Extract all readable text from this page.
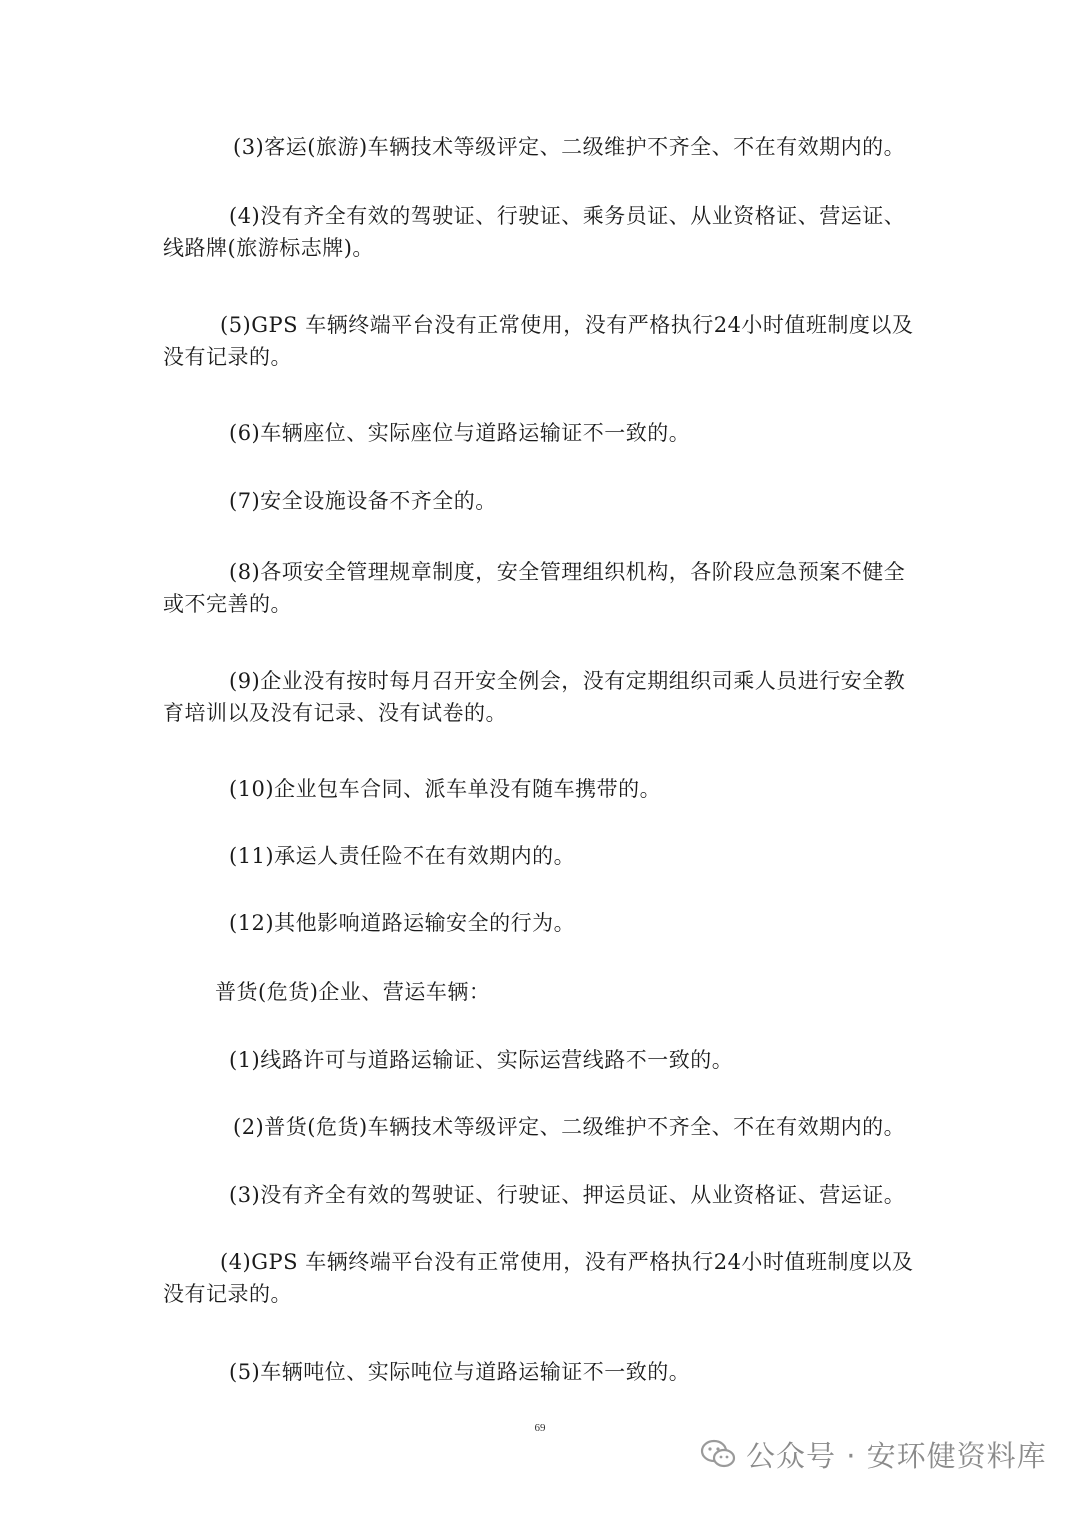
(3)客运(旅游)车辆技术等级评定、二级维护不齐全、不在有效期内的。

(4)没有齐全有效的驾驶证、行驶证、乘务员证、从业资格证、营运证、
线路牌(旅游标志牌)。

(5)GPS 车辆终端平台没有正常使用，没有严格执行24小时值班制度以及
没有记录的。

(6)车辆座位、实际座位与道路运输证不一致的。

(7)安全设施设备不齐全的。

(8)各项安全管理规章制度，安全管理组织机构，各阶段应急预案不健全
或不完善的。

(9)企业没有按时每月召开安全例会，没有定期组织司乘人员进行安全教
育培训以及没有记录、没有试卷的。

(10)企业包车合同、派车单没有随车携带的。

(11)承运人责任险不在有效期内的。

(12)其他影响道路运输安全的行为。

普货(危货)企业、营运车辆：

(1)线路许可与道路运输证、实际运营线路不一致的。

(2)普货(危货)车辆技术等级评定、二级维护不齐全、不在有效期内的。

(3)没有齐全有效的驾驶证、行驶证、押运员证、从业资格证、营运证。

(4)GPS 车辆终端平台没有正常使用，没有严格执行24小时值班制度以及
没有记录的。

(5)车辆吨位、实际吨位与道路运输证不一致的。

69
公众号 · 安环健资料库
